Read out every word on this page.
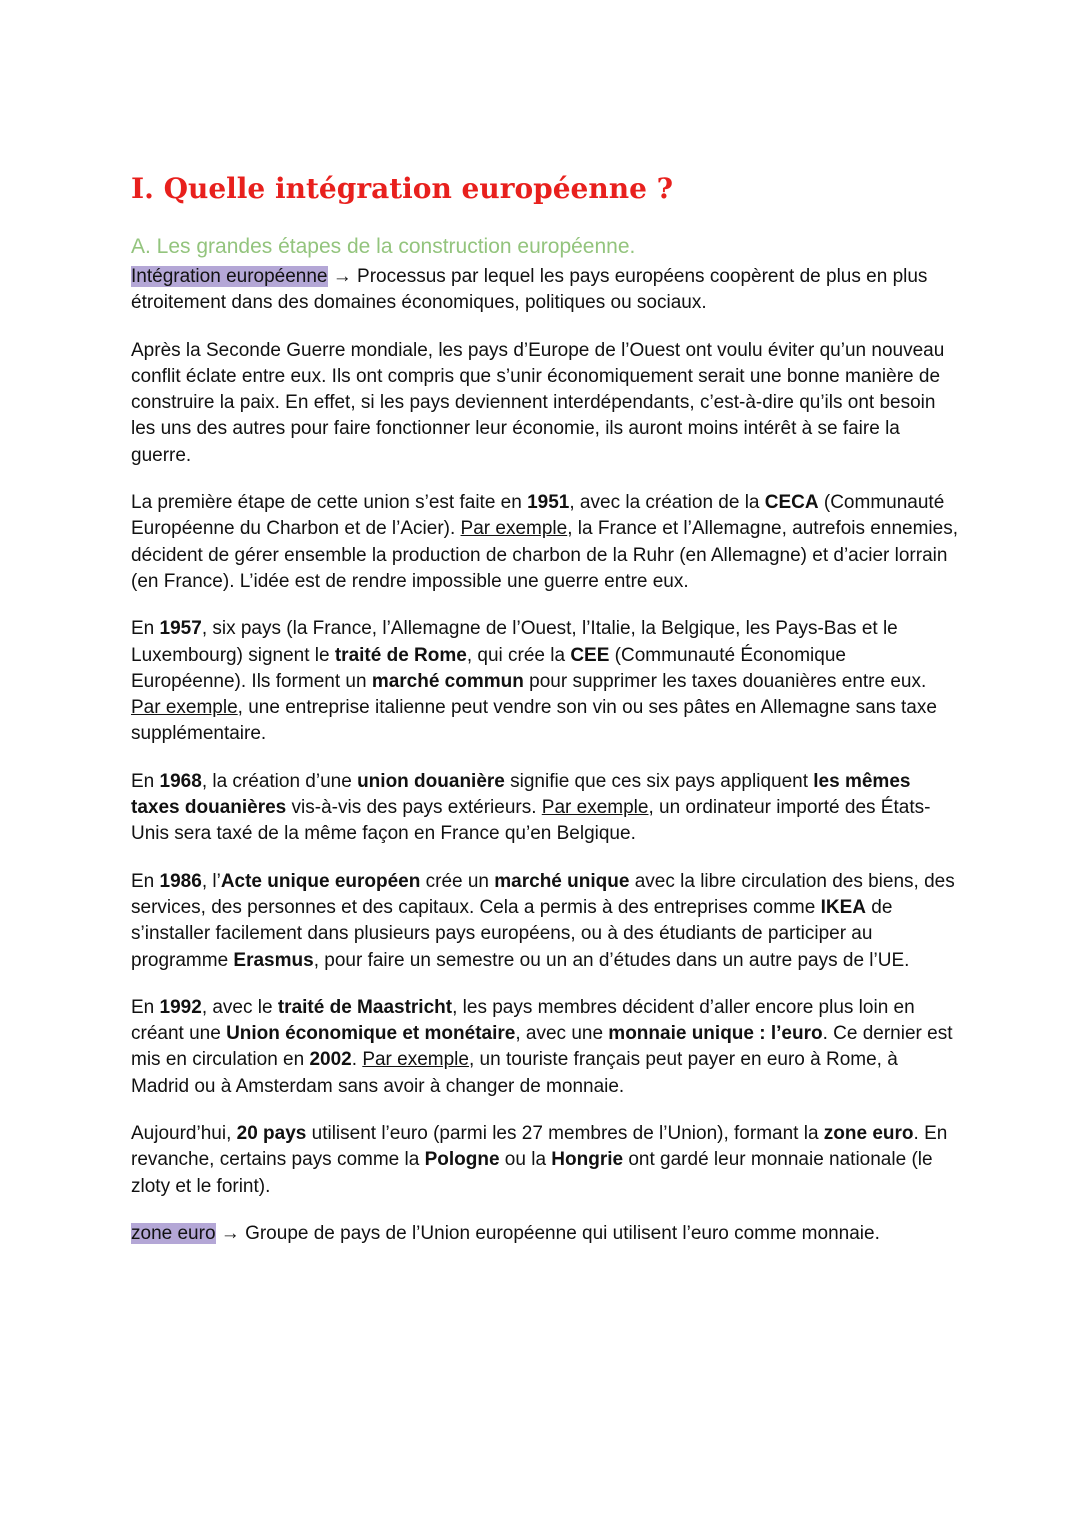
I. Quelle intégration européenne ?
A. Les grandes étapes de la construction européenne.

Intégration européenne → Processus par lequel les pays européens coopèrent de plus en plus étroitement dans des domaines économiques, politiques ou sociaux.

Après la Seconde Guerre mondiale, les pays d’Europe de l’Ouest ont voulu éviter qu’un nouveau conflit éclate entre eux. Ils ont compris que s’unir économiquement serait une bonne manière de construire la paix. En effet, si les pays deviennent interdépendants, c’est-à-dire qu’ils ont besoin les uns des autres pour faire fonctionner leur économie, ils auront moins intérêt à se faire la guerre.

La première étape de cette union s’est faite en 1951, avec la création de la CECA (Communauté Européenne du Charbon et de l’Acier). Par exemple, la France et l’Allemagne, autrefois ennemies, décident de gérer ensemble la production de charbon de la Ruhr (en Allemagne) et d’acier lorrain (en France). L’idée est de rendre impossible une guerre entre eux.

En 1957, six pays (la France, l’Allemagne de l’Ouest, l’Italie, la Belgique, les Pays-Bas et le Luxembourg) signent le traité de Rome, qui crée la CEE (Communauté Économique Européenne). Ils forment un marché commun pour supprimer les taxes douanières entre eux. Par exemple, une entreprise italienne peut vendre son vin ou ses pâtes en Allemagne sans taxe supplémentaire.

En 1968, la création d’une union douanière signifie que ces six pays appliquent les mêmes taxes douanières vis-à-vis des pays extérieurs. Par exemple, un ordinateur importé des États-Unis sera taxé de la même façon en France qu’en Belgique.

En 1986, l’Acte unique européen crée un marché unique avec la libre circulation des biens, des services, des personnes et des capitaux. Cela a permis à des entreprises comme IKEA de s’installer facilement dans plusieurs pays européens, ou à des étudiants de participer au programme Erasmus, pour faire un semestre ou un an d’études dans un autre pays de l’UE.

En 1992, avec le traité de Maastricht, les pays membres décident d’aller encore plus loin en créant une Union économique et monétaire, avec une monnaie unique : l’euro. Ce dernier est mis en circulation en 2002. Par exemple, un touriste français peut payer en euro à Rome, à Madrid ou à Amsterdam sans avoir à changer de monnaie.

Aujourd’hui, 20 pays utilisent l’euro (parmi les 27 membres de l’Union), formant la zone euro. En revanche, certains pays comme la Pologne ou la Hongrie ont gardé leur monnaie nationale (le zloty et le forint).

zone euro → Groupe de pays de l’Union européenne qui utilisent l’euro comme monnaie.
